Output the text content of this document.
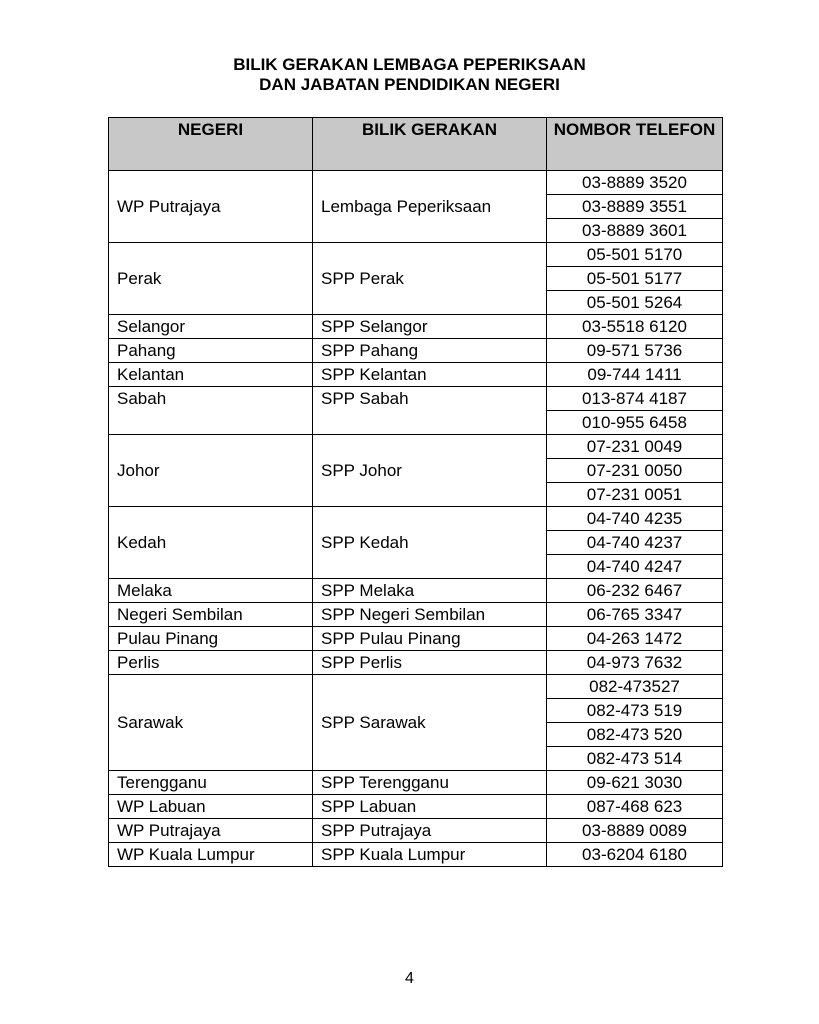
BILIK GERAKAN LEMBAGA PEPERIKSAAN
DAN JABATAN PENDIDIKAN NEGERI
NEGERI	BILIK GERAKAN	NOMBOR TELEFON
WP Putrajaya	Lembaga Peperiksaan	03-8889 3520
		03-8889 3551
		03-8889 3601
Perak	SPP Perak	05-501 5170
		05-501 5177
		05-501 5264
Selangor	SPP Selangor	03-5518 6120
Pahang	SPP Pahang	09-571 5736
Kelantan	SPP Kelantan	09-744 1411
Sabah	SPP Sabah	013-874 4187
		010-955 6458
Johor	SPP Johor	07-231 0049
		07-231 0050
		07-231 0051
Kedah	SPP Kedah	04-740 4235
		04-740 4237
		04-740 4247
Melaka	SPP Melaka	06-232 6467
Negeri Sembilan	SPP Negeri Sembilan	06-765 3347
Pulau Pinang	SPP Pulau Pinang	04-263 1472
Perlis	SPP Perlis	04-973 7632
Sarawak	SPP Sarawak	082-473527
		082-473 519
		082-473 520
		082-473 514
Terengganu	SPP Terengganu	09-621 3030
WP Labuan	SPP Labuan	087-468 623
WP Putrajaya	SPP Putrajaya	03-8889 0089
WP Kuala Lumpur	SPP Kuala Lumpur	03-6204 6180
4
